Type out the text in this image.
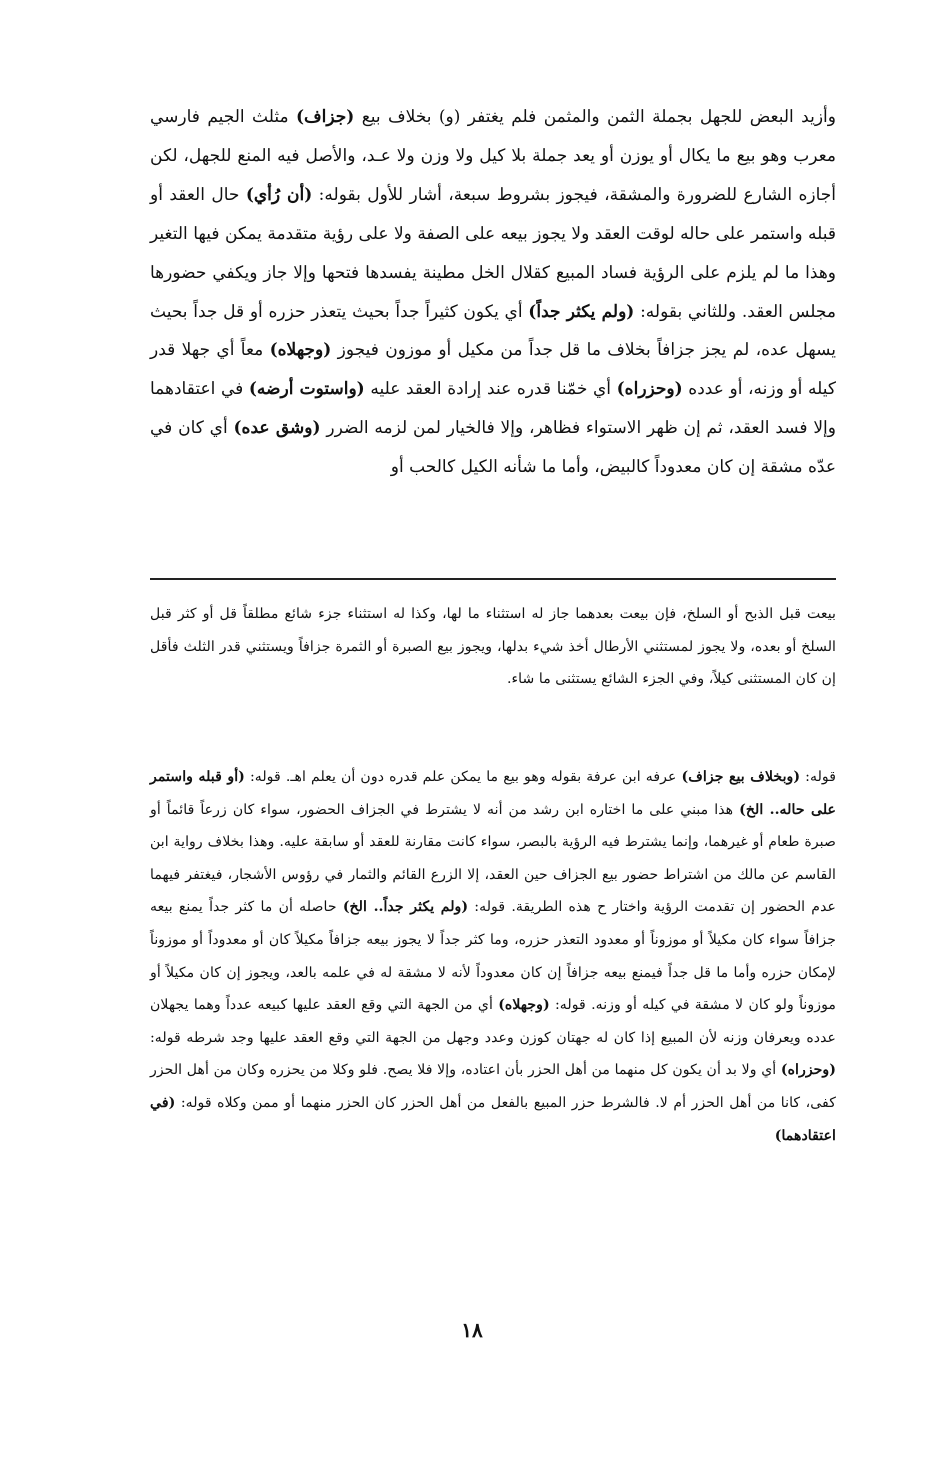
وأزيد البعض للجهل بجملة الثمن والمثمن فلم يغتفر (و) بخلاف بيع (جزاف) مثلث الجيم فارسي معرب وهو بيع ما يكال أو يوزن أو يعد جملة بلا كيل ولا وزن ولا عـد، والأصل فيه المنع للجهل، لكن أجازه الشارع للضرورة والمشقة، فيجوز بشروط سبعة، أشار للأول بقوله: (أن رُأي) حال العقد أو قبله واستمر على حاله لوقت العقد ولا يجوز بيعه على الصفة ولا على رؤية متقدمة يمكن فيها التغير وهذا ما لم يلزم على الرؤية فساد المبيع كقلال الخل مطينة يفسدها فتحها وإلا جاز ويكفي حضورها مجلس العقد. وللثاني بقوله: (ولم يكثر جداً) أي يكون كثيراً جداً بحيث يتعذر حزره أو قل جداً بحيث يسهل عده، لم يجز جزافاً بخلاف ما قل جداً من مكيل أو موزون فيجوز (وجهلاه) معاً أي جهلا قدر كيله أو وزنه، أو عدده (وحزراه) أي خمّنا قدره عند إرادة العقد عليه (واستوت أرضه) في اعتقادهما وإلا فسد العقد، ثم إن ظهر الاستواء فظاهر، وإلا فالخيار لمن لزمه الضرر (وشق عده) أي كان في عدّه مشقة إن كان معدوداً كالبيض، وأما ما شأنه الكيل كالحب أو

بيعت قبل الذبح أو السلخ، فإن بيعت بعدهما جاز له استثناء ما لها، وكذا له استثناء جزء شائع مطلقاً قل أو كثر قبل السلخ أو بعده، ولا يجوز لمستثني الأرطال أخذ شيء بدلها، ويجوز بيع الصبرة أو الثمرة جزافاً ويستثني قدر الثلث فأقل إن كان المستثنى كيلاً، وفي الجزء الشائع يستثنى ما شاء.

قوله: (وبخلاف بيع جزاف) عرفه ابن عرفة بقوله وهو بيع ما يمكن علم قدره دون أن يعلم اهـ. قوله: (أو قبله واستمر على حاله.. الخ) هذا مبني على ما اختاره ابن رشد من أنه لا يشترط في الجزاف الحضور، سواء كان زرعاً قائماً أو صبرة طعام أو غيرهما، وإنما يشترط فيه الرؤية بالبصر، سواء كانت مقارنة للعقد أو سابقة عليه. وهذا بخلاف رواية ابن القاسم عن مالك من اشتراط حضور بيع الجزاف حين العقد، إلا الزرع القائم والثمار في رؤوس الأشجار، فيغتفر فيهما عدم الحضور إن تقدمت الرؤية واختار ح هذه الطريقة. قوله: (ولم يكثر جداً.. الخ) حاصله أن ما كثر جداً يمنع بيعه جزافاً سواء كان مكيلاً أو موزوناً أو معدود التعذر حزره، وما كثر جداً لا يجوز بيعه جزافاً مكيلاً كان أو معدوداً أو موزوناً لإمكان حزره وأما ما قل جداً فيمنع بيعه جزافاً إن كان معدوداً لأنه لا مشقة له في علمه بالعد، ويجوز إن كان مكيلاً أو موزوناً ولو كان لا مشقة في كيله أو وزنه. قوله: (وجهلاه) أي من الجهة التي وقع العقد عليها كبيعه عدداً وهما يجهلان عدده ويعرفان وزنه لأن المبيع إذا كان له جهتان كوزن وعدد وجهل من الجهة التي وقع العقد عليها وجد شرطه قوله: (وحزراه) أي ولا بد أن يكون كل منهما من أهل الحزر بأن اعتاده، وإلا فلا يصح. فلو وكلا من يحزره وكان من أهل الحزر كفى، كانا من أهل الحزر أم لا. فالشرط حزر المبيع بالفعل من أهل الحزر كان الحزر منهما أو ممن وكلاه قوله: (في اعتقادهما)

١٨
